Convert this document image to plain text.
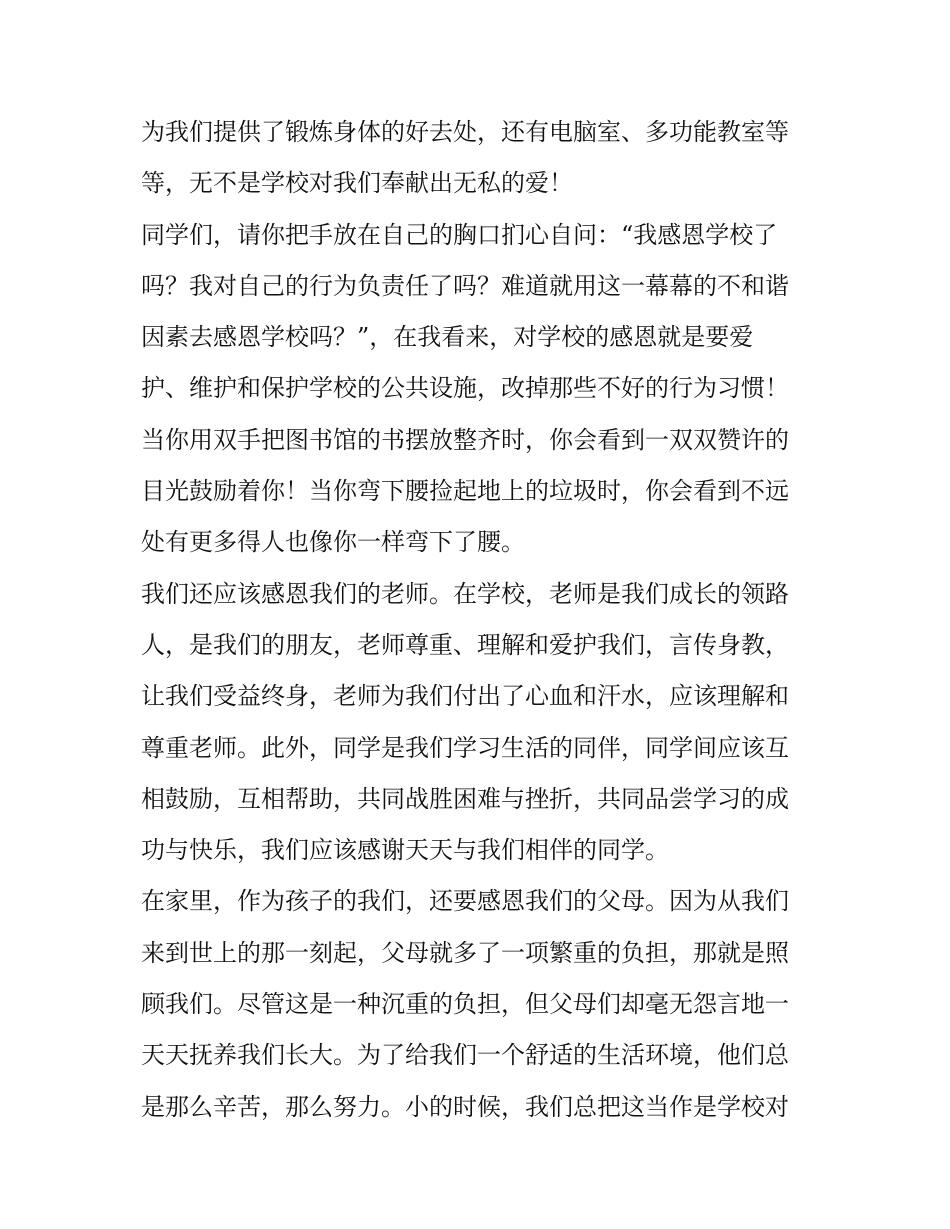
为我们提供了锻炼身体的好去处，还有电脑室、多功能教室等
等，无不是学校对我们奉献出无私的爱！
同学们，请你把手放在自己的胸口扪心自问：“我感恩学校了
吗？我对自己的行为负责任了吗？难道就用这一幕幕的不和谐
因素去感恩学校吗？”，在我看来，对学校的感恩就是要爱
护、维护和保护学校的公共设施，改掉那些不好的行为习惯！
当你用双手把图书馆的书摆放整齐时，你会看到一双双赞许的
目光鼓励着你！当你弯下腰捡起地上的垃圾时，你会看到不远
处有更多得人也像你一样弯下了腰。
我们还应该感恩我们的老师。在学校，老师是我们成长的领路
人，是我们的朋友，老师尊重、理解和爱护我们，言传身教，
让我们受益终身，老师为我们付出了心血和汗水，应该理解和
尊重老师。此外，同学是我们学习生活的同伴，同学间应该互
相鼓励，互相帮助，共同战胜困难与挫折，共同品尝学习的成
功与快乐，我们应该感谢天天与我们相伴的同学。
在家里，作为孩子的我们，还要感恩我们的父母。因为从我们
来到世上的那一刻起，父母就多了一项繁重的负担，那就是照
顾我们。尽管这是一种沉重的负担，但父母们却毫无怨言地一
天天抚养我们长大。为了给我们一个舒适的生活环境，他们总
是那么辛苦，那么努力。小的时候，我们总把这当作是学校对
